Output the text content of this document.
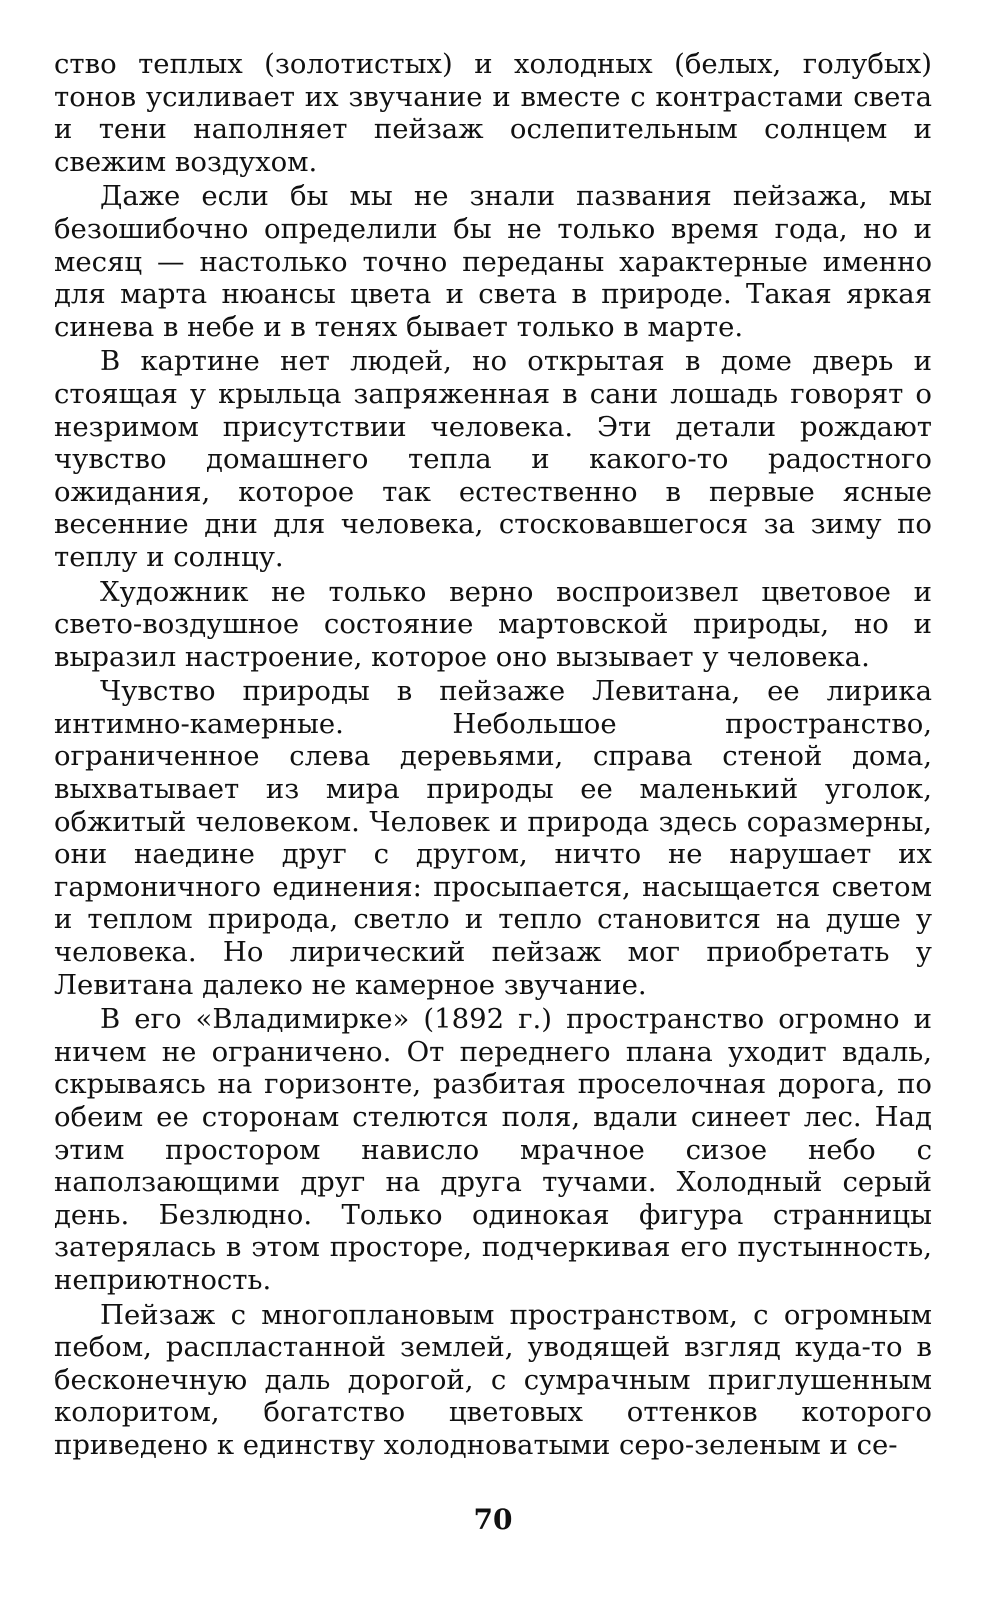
ство теплых (золотистых) и холодных (белых, голубых) тонов усиливает их звучание и вместе с контрастами света и тени наполняет пейзаж ослепительным солнцем и свежим воздухом.

Даже если бы мы не знали пазвания пейзажа, мы безошибочно определили бы не только время года, но и месяц — настолько точно переданы характерные именно для марта нюансы цвета и света в природе. Такая яркая синева в небе и в тенях бывает только в марте.

В картине нет людей, но открытая в доме дверь и стоящая у крыльца запряженная в сани лошадь говорят о незримом присутствии человека. Эти детали рождают чувство домашнего тепла и какого-то радостного ожидания, которое так естественно в первые ясные весенние дни для человека, стосковавшегося за зиму по теплу и солнцу.

Художник не только верно воспроизвел цветовое и свето-воздушное состояние мартовской природы, но и выразил настроение, которое оно вызывает у человека.

Чувство природы в пейзаже Левитана, ее лирика интимно-камерные. Небольшое пространство, ограниченное слева деревьями, справа стеной дома, выхватывает из мира природы ее маленький уголок, обжитый человеком. Человек и природа здесь соразмерны, они наедине друг с другом, ничто не нарушает их гармоничного единения: просыпается, насыщается светом и теплом природа, светло и тепло становится на душе у человека. Но лирический пейзаж мог приобретать у Левитана далеко не камерное звучание.

В его «Владимирке» (1892 г.) пространство огромно и ничем не ограничено. От переднего плана уходит вдаль, скрываясь на горизонте, разбитая проселочная дорога, по обеим ее сторонам стелются поля, вдали синеет лес. Над этим простором нависло мрачное сизое небо с наползающими друг на друга тучами. Холодный серый день. Безлюдно. Только одинокая фигура странницы затерялась в этом просторе, подчеркивая его пустынность, неприютность.

Пейзаж с многоплановым пространством, с огромным пебом, распластанной землей, уводящей взгляд куда-то в бесконечную даль дорогой, с сумрачным приглушенным колоритом, богатство цветовых оттенков которого приведено к единству холодноватыми серо-зеленым и се-

70
